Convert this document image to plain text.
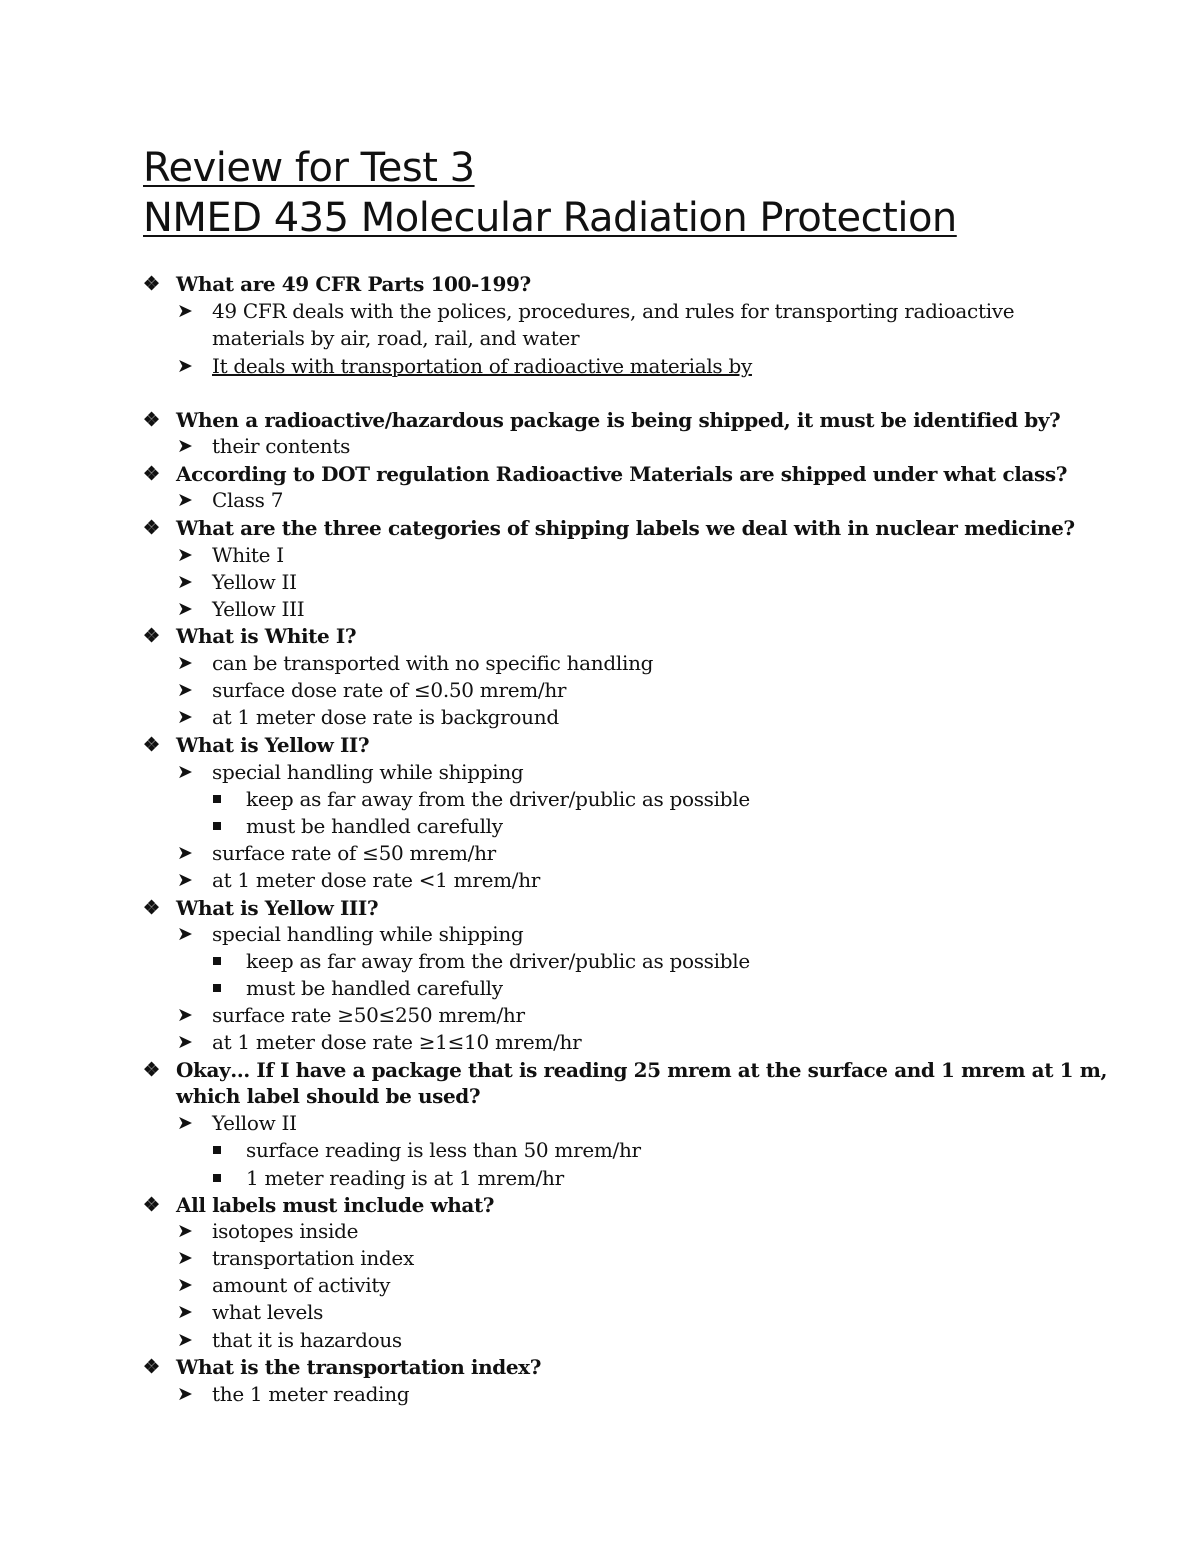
Review for Test 3
NMED 435 Molecular Radiation Protection
❖ What are 49 CFR Parts 100-199?
➤ 49 CFR deals with the polices, procedures, and rules for transporting radioactive
materials by air, road, rail, and water
➤ It deals with transportation of radioactive materials by
❖ When a radioactive/hazardous package is being shipped, it must be identified by?
➤ their contents
❖ According to DOT regulation Radioactive Materials are shipped under what class?
➤ Class 7
❖ What are the three categories of shipping labels we deal with in nuclear medicine?
➤ White I
➤ Yellow II
➤ Yellow III
❖ What is White I?
➤ can be transported with no specific handling
➤ surface dose rate of ≤0.50 mrem/hr
➤ at 1 meter dose rate is background
❖ What is Yellow II?
➤ special handling while shipping
keep as far away from the driver/public as possible
must be handled carefully
➤ surface rate of ≤50 mrem/hr
➤ at 1 meter dose rate <1 mrem/hr
❖ What is Yellow III?
➤ special handling while shipping
keep as far away from the driver/public as possible
must be handled carefully
➤ surface rate ≥50≤250 mrem/hr
➤ at 1 meter dose rate ≥1≤10 mrem/hr
❖ Okay… If I have a package that is reading 25 mrem at the surface and 1 mrem at 1 m,
which label should be used?
➤ Yellow II
surface reading is less than 50 mrem/hr
1 meter reading is at 1 mrem/hr
❖ All labels must include what?
➤ isotopes inside
➤ transportation index
➤ amount of activity
➤ what levels
➤ that it is hazardous
❖ What is the transportation index?
➤ the 1 meter reading
